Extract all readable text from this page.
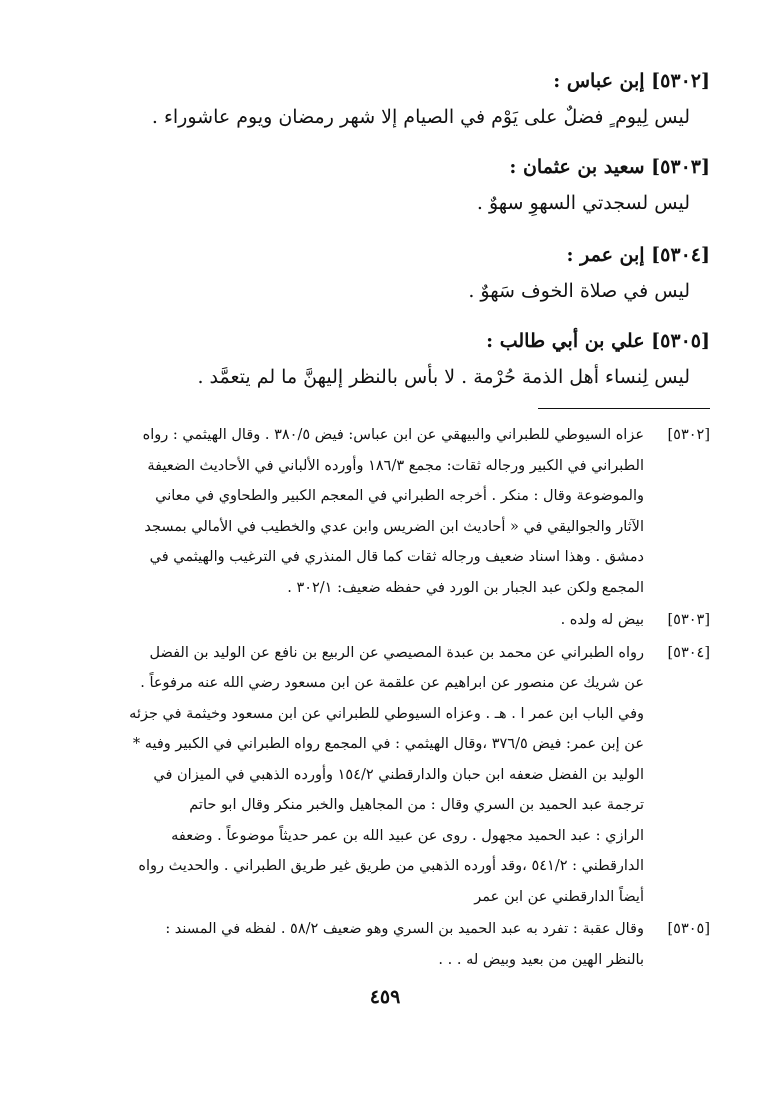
[٥٣٠٢] إبن عباس :
ليس لِيوم ٍ فضلٌ على يَوْم في الصيام إلا شهر رمضان ويوم عاشوراء .
[٥٣٠٣] سعيد بن عثمان :
ليس لسجدتي السهوِ سهوٌ .
[٥٣٠٤] إبن عمر :
ليس في صلاة الخوف سَهوٌ .
[٥٣٠٥] علي بن أبي طالب :
ليس لِنساء أهل الذمة حُرْمة . لا بأس بالنظر إليهنَّ ما لم يتعمَّد .
[٥٣٠٢]
عزاه السيوطي للطبراني والبيهقي عن ابن عباس: فيض ٣٨٠/٥ . وقال الهيثمي : رواه
الطبراني في الكبير ورجاله ثقات: مجمع ١٨٦/٣ وأورده الألباني في الأحاديث الضعيفة
والموضوعة وقال : منكر . أخرجه الطبراني في المعجم الكبير والطحاوي في معاني
الآثار والجواليقي في « أحاديث ابن الضريس وابن عدي والخطيب في الأمالي بمسجد
دمشق . وهذا اسناد ضعيف ورجاله ثقات كما قال المنذري في الترغيب والهيثمي في
المجمع ولكن عبد الجبار بن الورد في حفظه ضعيف: ٣٠٢/١ .
[٥٣٠٣]
بيض له ولده .
[٥٣٠٤]
رواه الطبراني عن محمد بن عبدة المصيصي عن الربيع بن نافع عن الوليد بن الفضل
عن شريك عن منصور عن ابراهيم عن علقمة عن ابن مسعود رضي الله عنه مرفوعاً .
وفي الباب ابن عمر ا . هـ . وعزاه السيوطي للطبراني عن ابن مسعود وخيثمة في جزئه
عن إبن عمر: فيض ٣٧٦/٥ ،وقال الهيثمي : في المجمع رواه الطبراني في الكبير وفيه *
الوليد بن الفضل ضعفه ابن حبان والدارقطني ١٥٤/٢ وأورده الذهبي في الميزان في
ترجمة عبد الحميد بن السري وقال : من المجاهيل والخبر منكر وقال ابو حاتم
الرازي : عبد الحميد مجهول . روى عن عبيد الله بن عمر حديثاً موضوعاً . وضعفه
الدارقطني : ٥٤١/٢ ،وقد أورده الذهبي من طريق غير طريق الطبراني . والحديث رواه
أيضاً الدارقطني عن ابن عمر
[٥٣٠٥]
وقال عقبة : تفرد به عبد الحميد بن السري وهو ضعيف ٥٨/٢ . لفظه في المسند :
بالنظر الهين من بعيد وبيض له . . .
٤٥٩
